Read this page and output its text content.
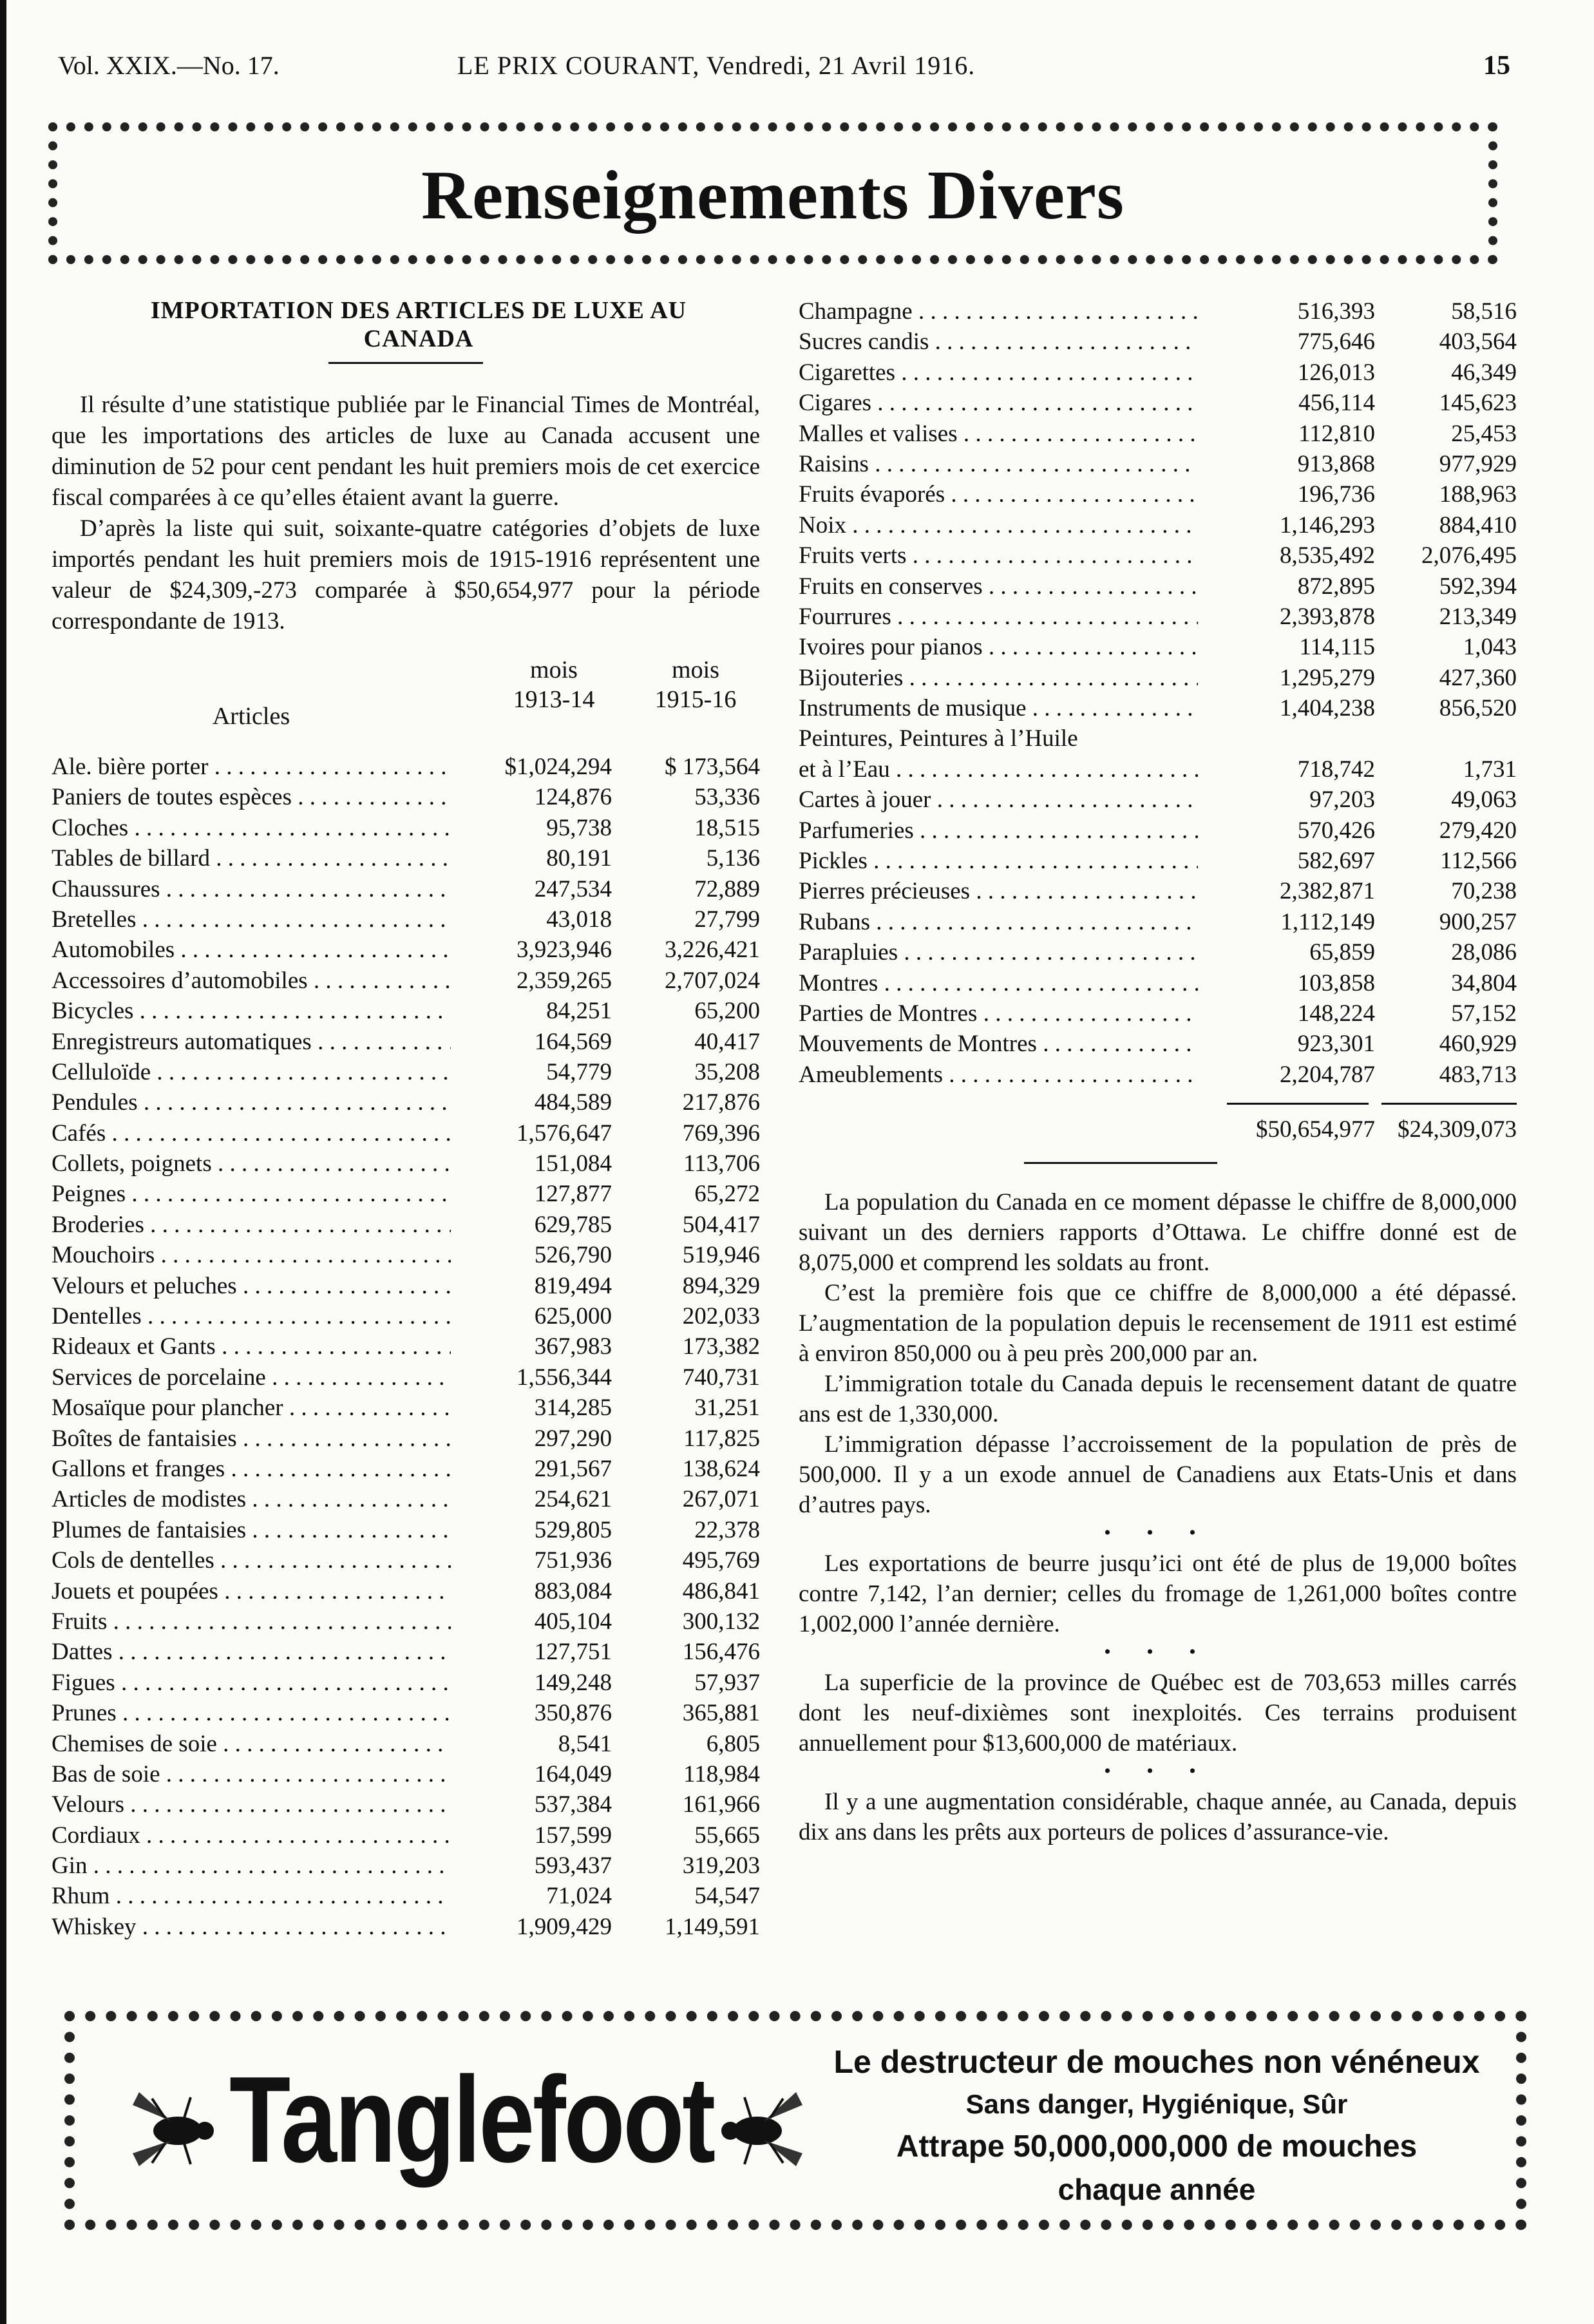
Vol. XXIX.—No. 17.	LE PRIX COURANT, Vendredi, 21 Avril 1916.	15
Renseignements Divers
IMPORTATION DES ARTICLES DE LUXE AU
CANADA

Il résulte d’une statistique publiée par le Financial Times de Montréal, que les importations des articles de luxe au Canada accusent une diminution de 52 pour cent pendant les huit premiers mois de cet exercice fiscal comparées à ce qu’elles étaient avant la guerre.

D’après la liste qui suit, soixante-quatre catégories d’objets de luxe importés pendant les huit premiers mois de 1915-1916 représentent une valeur de $24,309,-273 comparée à $50,654,977 pour la période correspondante de 1913.

Articles
mois
1913-14
mois
1915-16
Ale. bière porter . . .	$1,024,294 $ 173,564
Paniers de toutes espèces . . .	124,876	53,336
Cloches . . .	95,738	18,515
Tables de billard . . .	80,191	5,136
Chaussures . . .	247,534	72,889
Bretelles . . .	43,018	27,799
Automobiles . . .	3,923,946 3,226,421
Accessoires d’automobiles . . .	2,359,265 2,707,024
Bicycles . . .	84,251	65,200
Enregistreurs automatiques . . .	164,569	40,417
Celluloïde . . .	54,779	35,208
Pendules . . .	484,589	217,876
Cafés . . .	1,576,647	769,396
Collets, poignets . . .	151,084	113,706
Peignes . . .	127,877	65,272
Broderies . . .	629,785	504,417
Mouchoirs . . .	526,790	519,946
Velours et peluches . . .	819,494	894,329
Dentelles . . .	625,000	202,033
Rideaux et Gants . . .	367,983	173,382
Services de porcelaine . . .	1,556,344	740,731
Mosaïque pour plancher . . .	314,285	31,251
Boîtes de fantaisies . . .	297,290	117,825
Gallons et franges . . .	291,567	138,624
Articles de modistes . . .	254,621	267,071
Plumes de fantaisies . . .	529,805	22,378
Cols de dentelles . . .	751,936	495,769
Jouets et poupées . . .	883,084	486,841
Fruits . . .	405,104	300,132
Dattes . . .	127,751	156,476
Figues . . .	149,248	57,937
Prunes . . .	350,876	365,881
Chemises de soie . . .	8,541	6,805
Bas de soie . . .	164,049	118,984
Velours . . .	537,384	161,966
Cordiaux . . .	157,599	55,665
Gin . . .	593,437	319,203
Rhum . . .	71,024	54,547
Whiskey . . .	1,909,429 1,149,591
Champagne . . .	516,393	58,516
Sucres candis . . .	775,646	403,564
Cigarettes . . .	126,013	46,349
Cigares . . .	456,114	145,623
Malles et valises . . .	112,810	25,453
Raisins . . .	913,868	977,929
Fruits évaporés . . .	196,736	188,963
Noix . . .	1,146,293	884,410
Fruits verts . . .	8,535,492 2,076,495
Fruits en conserves . . .	872,895	592,394
Fourrures . . .	2,393,878	213,349
Ivoires pour pianos . . .	114,115	1,043
Bijouteries . . .	1,295,279	427,360
Instruments de musique . . .	1,404,238	856,520
Peintures, Peintures à l’Huile
et à l’Eau . . .	718,742	1,731
Cartes à jouer . . .	97,203	49,063
Parfumeries . . .	570,426	279,420
Pickles . . .	582,697	112,566
Pierres précieuses . . .	2,382,871	70,238
Rubans . . .	1,112,149	900,257
Parapluies . . .	65,859	28,086
Montres . . .	103,858	34,804
Parties de Montres . . .	148,224	57,152
Mouvements de Montres . . .	923,301	460,929
Ameublements . . .	2,204,787	483,713
$50,654,977 $24,309,073

La population du Canada en ce moment dépasse le chiffre de 8,000,000 suivant un des derniers rapports d’Ottawa. Le chiffre donné est de 8,075,000 et comprend les soldats au front.

C’est la première fois que ce chiffre de 8,000,000 a été dépassé. L’augmentation de la population depuis le recensement de 1911 est estimé à environ 850,000 ou à peu près 200,000 par an.

L’immigration totale du Canada depuis le recensement datant de quatre ans est de 1,330,000.

L’immigration dépasse l’accroissement de la population de près de 500,000. Il y a un exode annuel de Canadiens aux Etats-Unis et dans d’autres pays.

• • •

Les exportations de beurre jusqu’ici ont été de plus de 19,000 boîtes contre 7,142, l’an dernier; celles du fromage de 1,261,000 boîtes contre 1,002,000 l’année dernière.

• • •

La superficie de la province de Québec est de 703,653 milles carrés dont les neuf-dixièmes sont inexploités. Ces terrains produisent annuellement pour $13,600,000 de matériaux.

• • •

Il y a une augmentation considérable, chaque année, au Canada, depuis dix ans dans les prêts aux porteurs de polices d’assurance-vie.

Tanglefoot	Le destructeur de mouches non vénéneux
Sans danger, Hygiénique, Sûr
Attrape 50,000,000,000 de mouches
chaque année
